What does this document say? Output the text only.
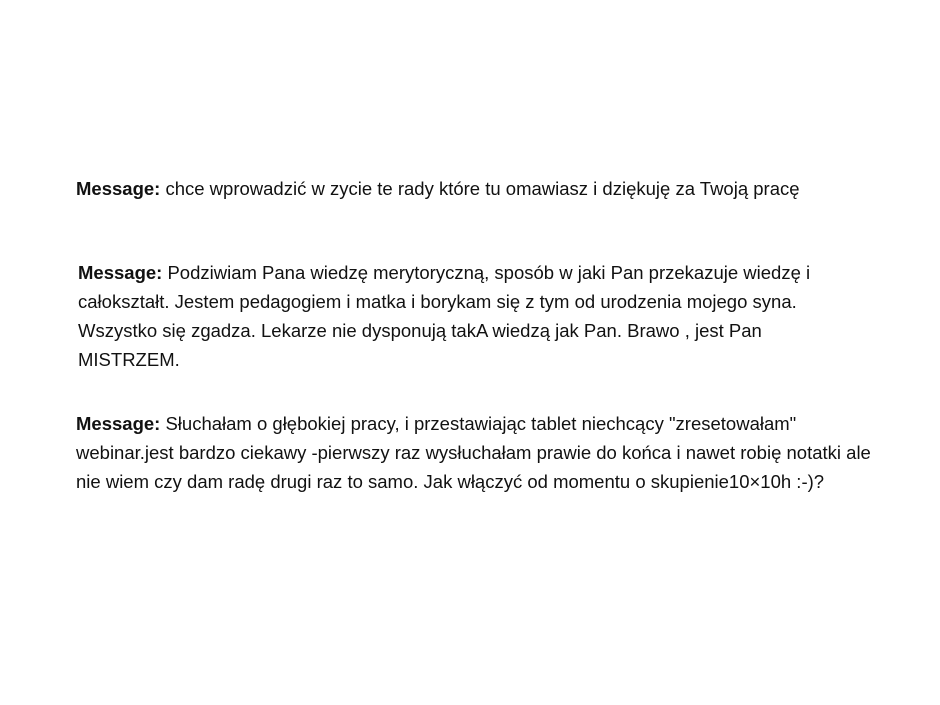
Message: chce wprowadzić w zycie te rady które tu omawiasz i dziękuję za Twoją pracę

Message: Podziwiam Pana wiedzę merytoryczną, sposób w jaki Pan przekazuje wiedzę i całokształt. Jestem pedagogiem i matka i borykam się z tym od urodzenia mojego syna. Wszystko się zgadza. Lekarze nie dysponują takA wiedzą jak Pan. Brawo , jest Pan MISTRZEM.

Message: Słuchałam o głębokiej pracy, i przestawiając tablet niechcący "zresetowałam" webinar.jest bardzo ciekawy -pierwszy raz wysłuchałam prawie do końca i nawet robię notatki ale nie wiem czy dam radę drugi raz to samo. Jak włączyć od momentu o skupienie10×10h :-)?
